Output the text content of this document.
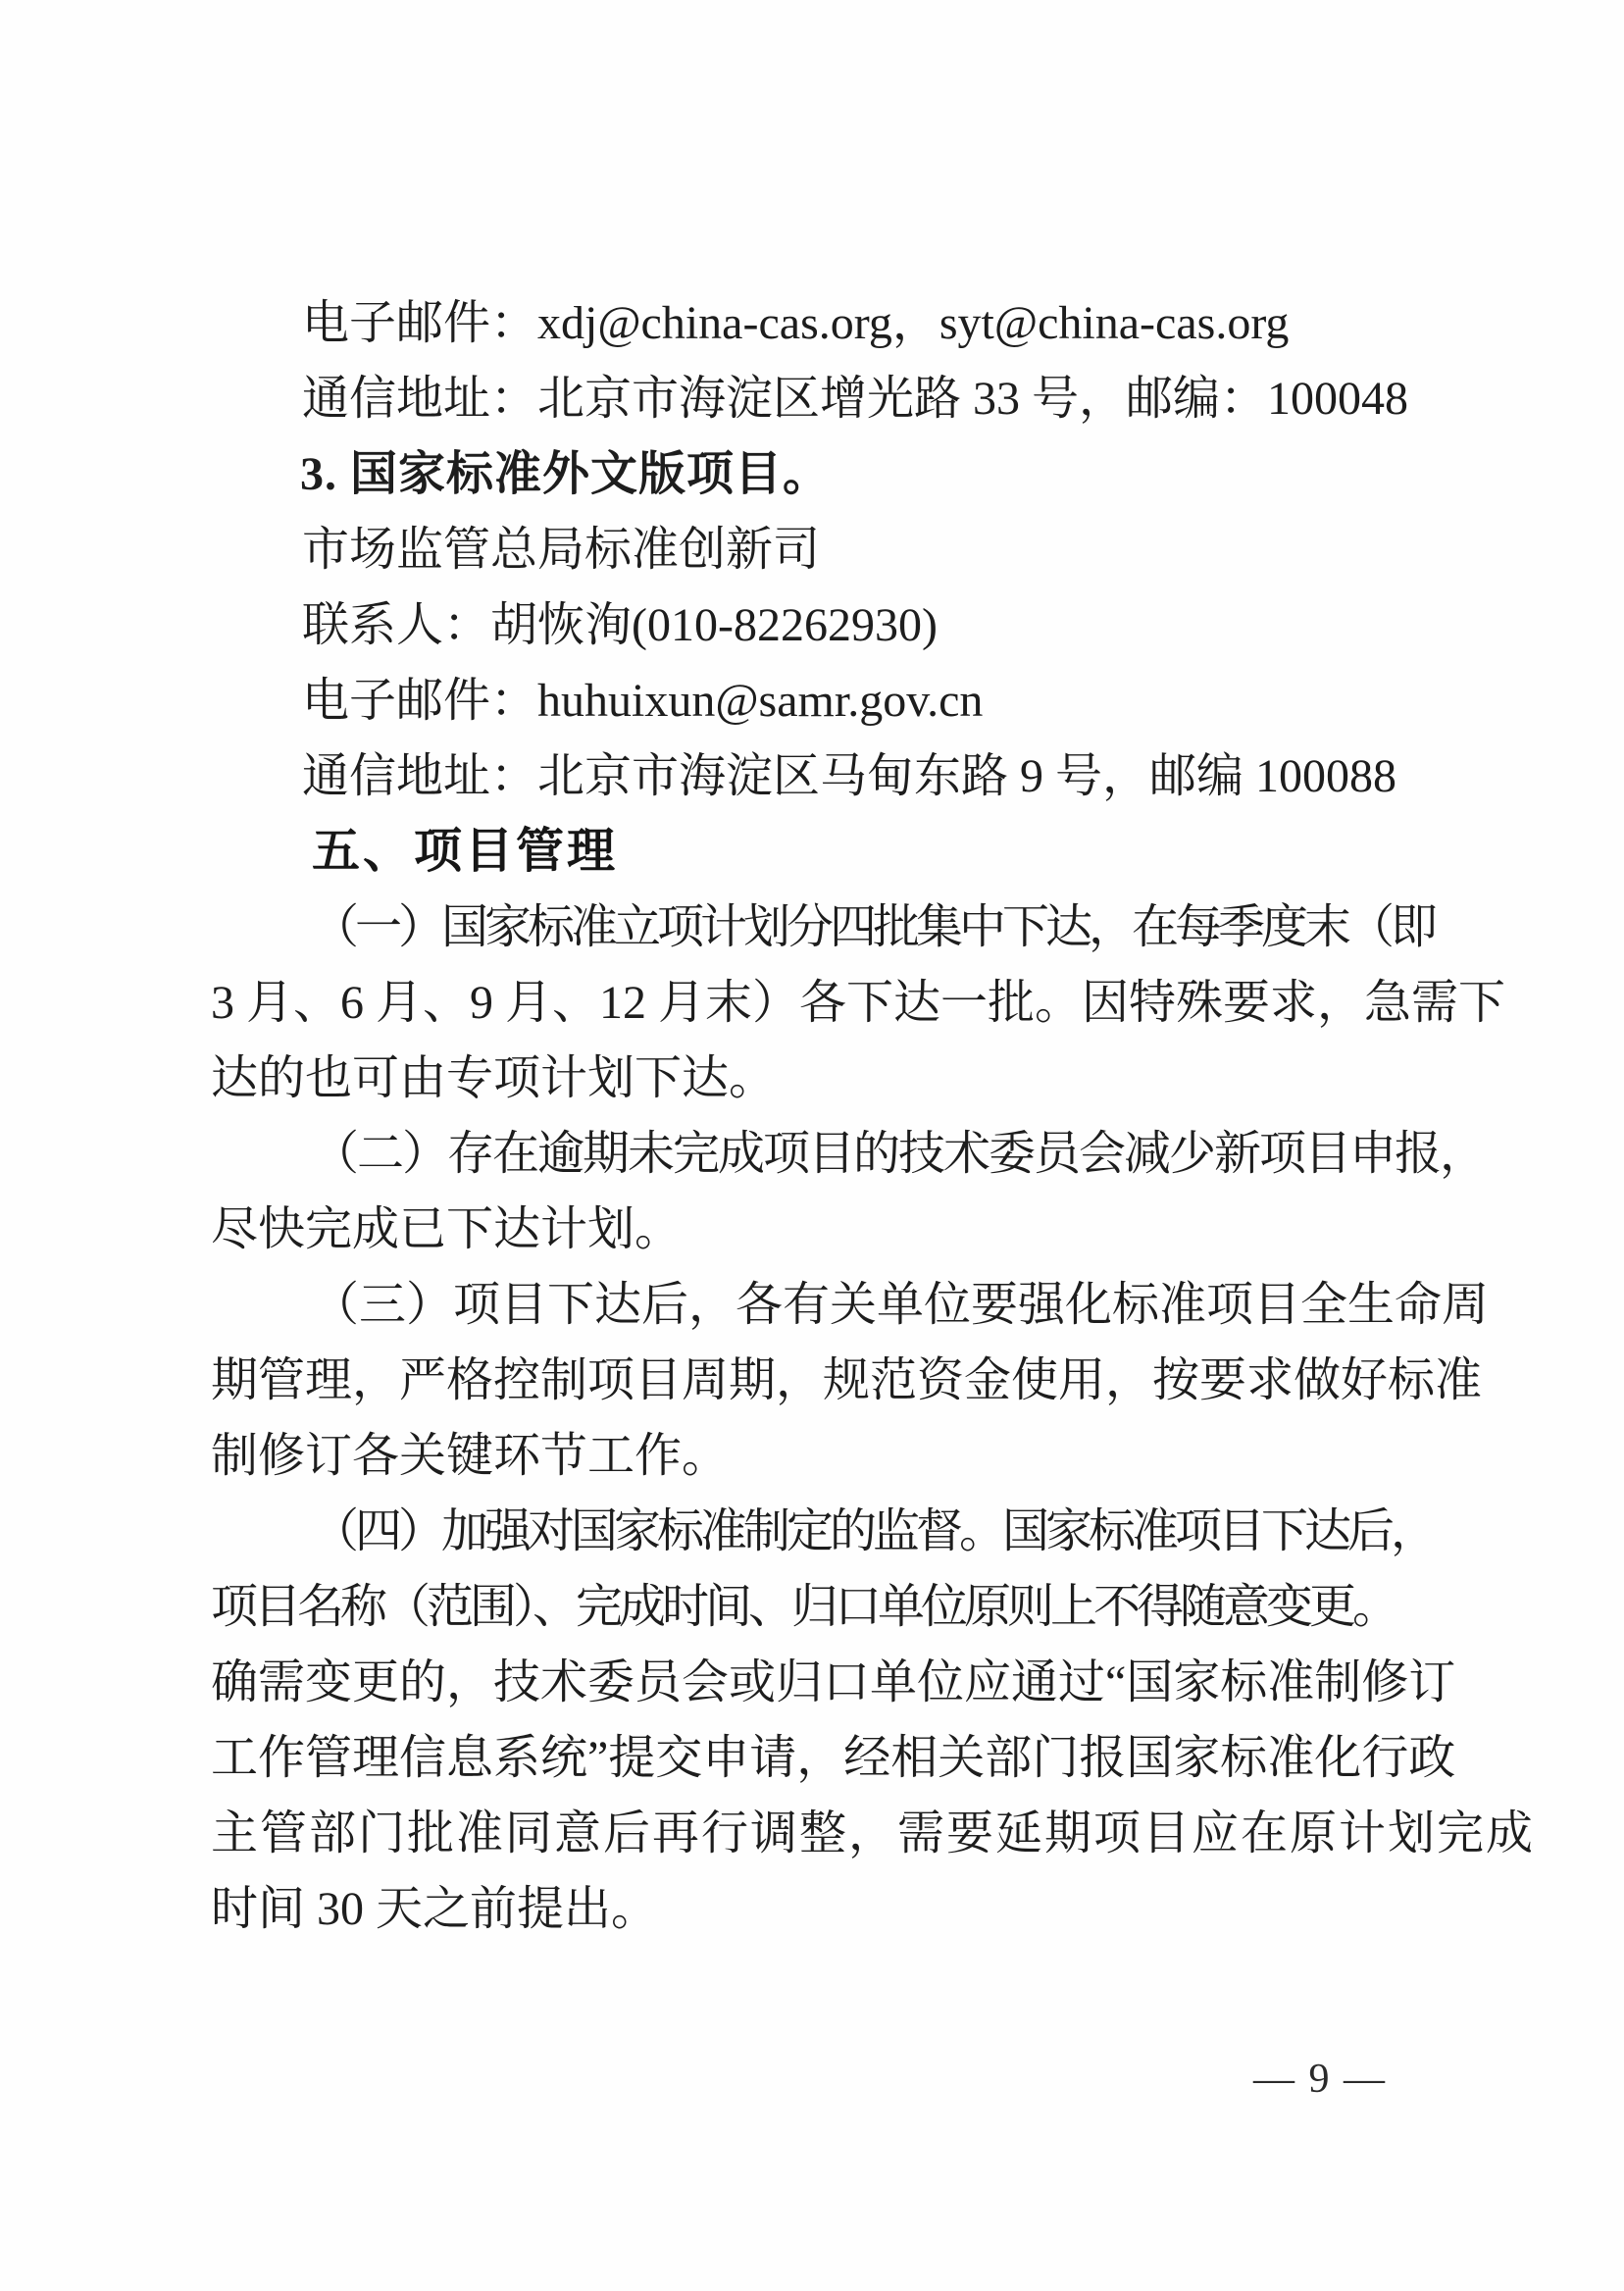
电子邮件：xdj@china-cas.org，syt@china-cas.org
通信地址：北京市海淀区增光路 33 号，邮编：100048
3. 国家标准外文版项目。
市场监管总局标准创新司
联系人：胡恢洵(010-82262930)
电子邮件：huhuixun@samr.gov.cn
通信地址：北京市海淀区马甸东路 9 号，邮编 100088
五、项目管理
（一）国家标准立项计划分四批集中下达，在每季度末（即
3 月、6 月、9 月、12 月末）各下达一批。因特殊要求，急需下
达的也可由专项计划下达。
（二）存在逾期未完成项目的技术委员会减少新项目申报，
尽快完成已下达计划。
（三）项目下达后，各有关单位要强化标准项目全生命周
期管理，严格控制项目周期，规范资金使用，按要求做好标准
制修订各关键环节工作。
（四）加强对国家标准制定的监督。国家标准项目下达后，
项目名称（范围）、完成时间、归口单位原则上不得随意变更。
确需变更的，技术委员会或归口单位应通过“国家标准制修订
工作管理信息系统”提交申请，经相关部门报国家标准化行政
主管部门批准同意后再行调整，需要延期项目应在原计划完成
时间 30 天之前提出。
— 9 —
